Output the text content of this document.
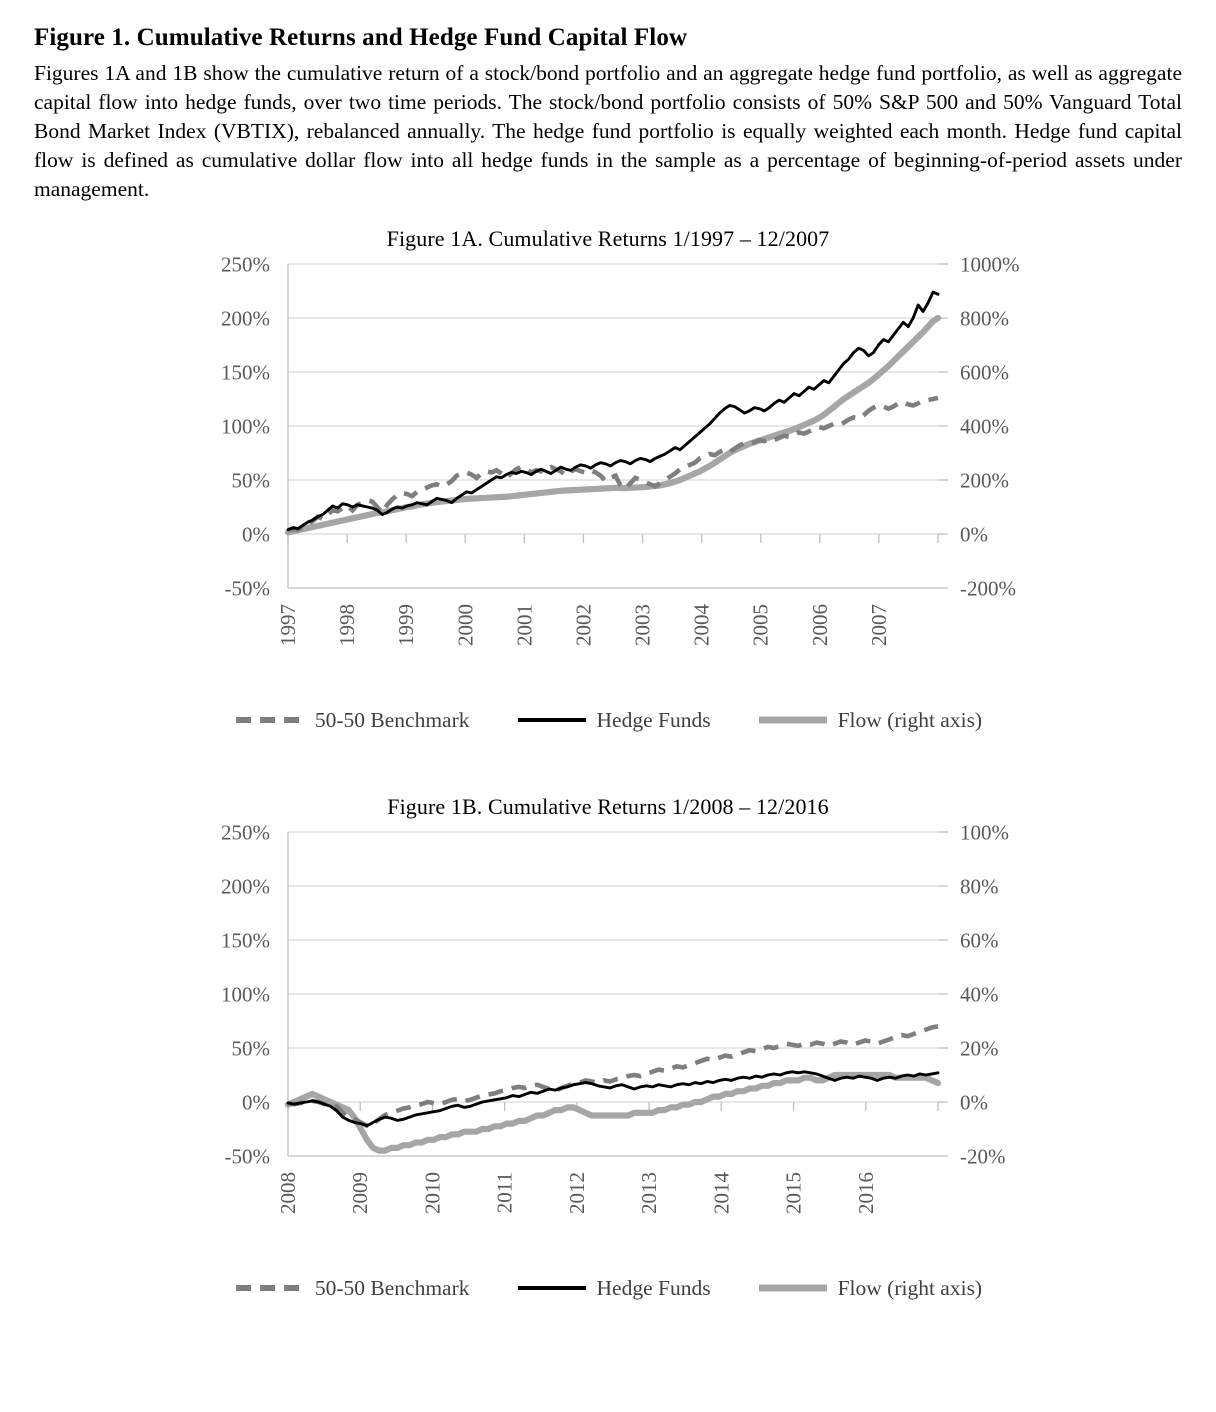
Figure 1. Cumulative Returns and Hedge Fund Capital Flow

Figures 1A and 1B show the cumulative return of a stock/bond portfolio and an aggregate hedge fund portfolio, as well as aggregate capital flow into hedge funds, over two time periods. The stock/bond portfolio consists of 50% S&P 500 and 50% Vanguard Total Bond Market Index (VBTIX), rebalanced annually. The hedge fund portfolio is equally weighted each month. Hedge fund capital flow is defined as cumulative dollar flow into all hedge funds in the sample as a percentage of beginning-of-period assets under management.

Figure 1A. Cumulative Returns 1/1997 – 12/2007
250%	1000%
200%	800%
150%	600%
100%	400%
50%	200%
0%	0%
-50%	-200%
1997 1998 1999 2000 2001 2002 2003 2004 2005 2006 2007
50-50 Benchmark	Hedge Funds	Flow (right axis)
Figure 1B. Cumulative Returns 1/2008 – 12/2016
250%	100%
200%	80%
150%	60%
100%	40%
50%	20%
0%	0%
-50%	-20%
2008 2009 2010 2011 2012 2013 2014 2015 2016
50-50 Benchmark	Hedge Funds	Flow (right axis)
